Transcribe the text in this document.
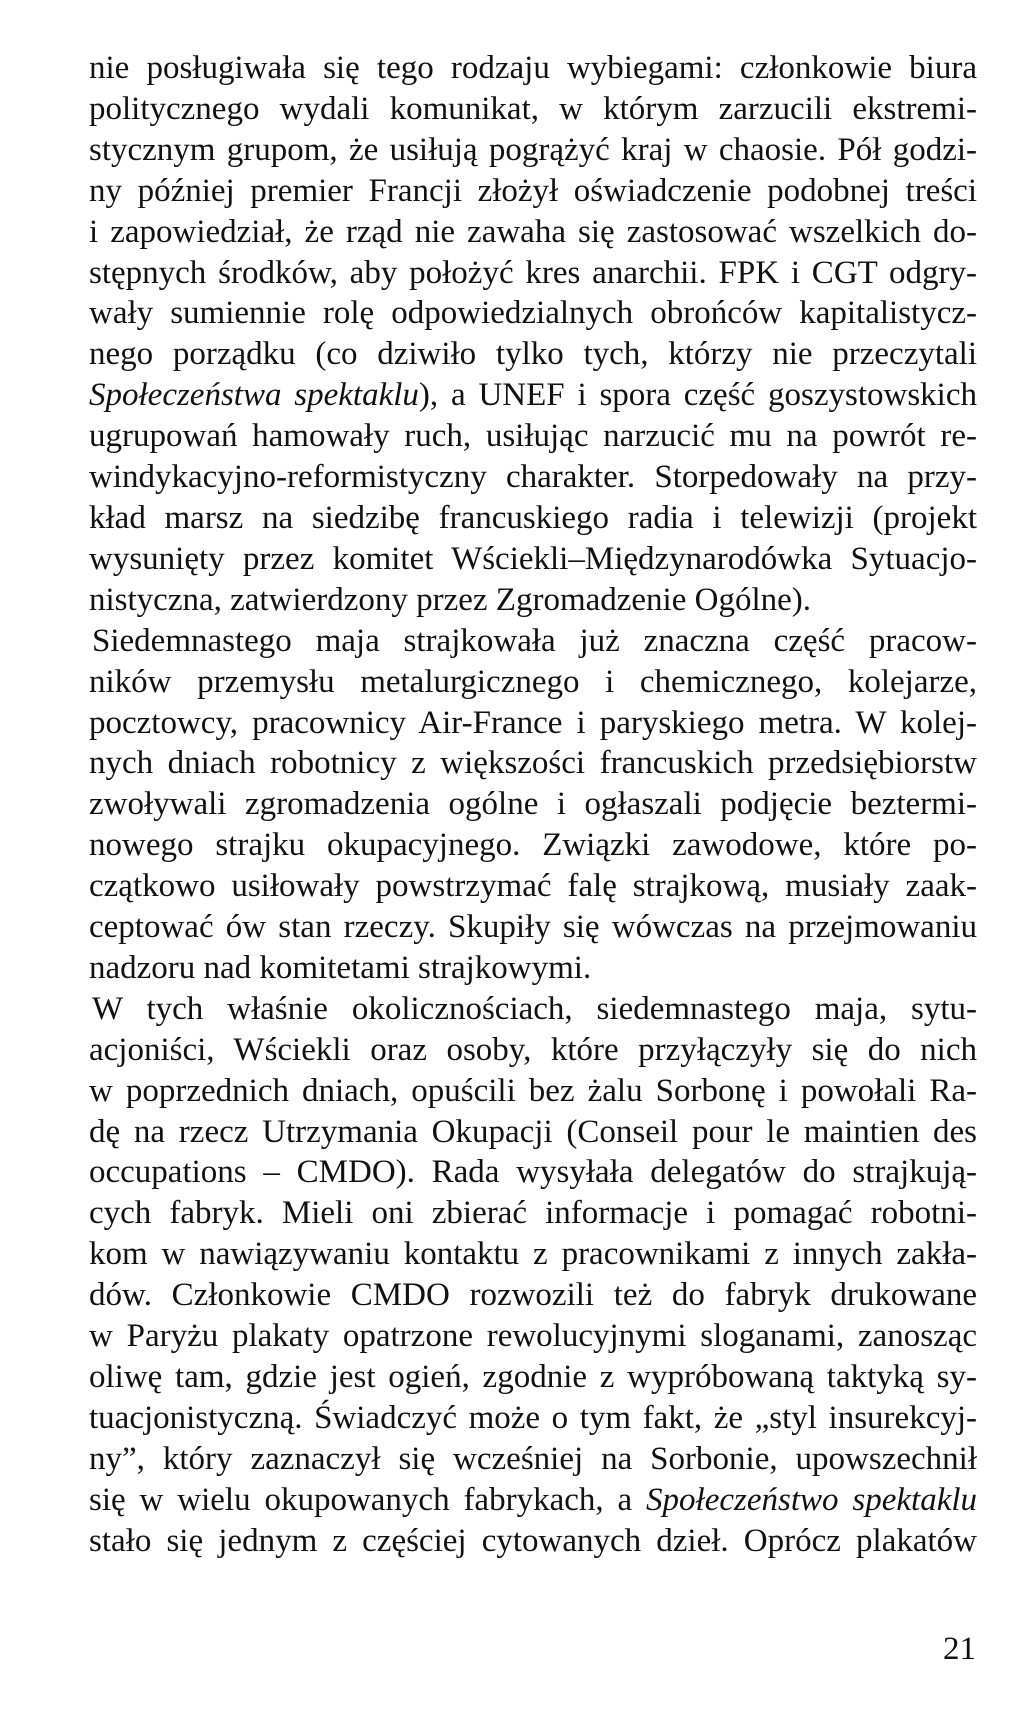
nie posługiwała się tego rodzaju wybiegami: członkowie biura
politycznego wydali komunikat, w którym zarzucili ekstremi-
stycznym grupom, że usiłują pogrążyć kraj w chaosie. Pół godzi-
ny później premier Francji złożył oświadczenie podobnej treści
i zapowiedział, że rząd nie zawaha się zastosować wszelkich do-
stępnych środków, aby położyć kres anarchii. FPK i CGT odgry-
wały sumiennie rolę odpowiedzialnych obrońców kapitalistycz-
nego porządku (co dziwiło tylko tych, którzy nie przeczytali
Społeczeństwa spektaklu), a UNEF i spora część goszystowskich
ugrupowań hamowały ruch, usiłując narzucić mu na powrót re-
windykacyjno-reformistyczny charakter. Storpedowały na przy-
kład marsz na siedzibę francuskiego radia i telewizji (projekt
wysunięty przez komitet Wściekli–Międzynarodówka Sytuacjo-
nistyczna, zatwierdzony przez Zgromadzenie Ogólne).
Siedemnastego maja strajkowała już znaczna część pracow-
ników przemysłu metalurgicznego i chemicznego, kolejarze,
pocztowcy, pracownicy Air-France i paryskiego metra. W kolej-
nych dniach robotnicy z większości francuskich przedsiębiorstw
zwoływali zgromadzenia ogólne i ogłaszali podjęcie beztermi-
nowego strajku okupacyjnego. Związki zawodowe, które po-
czątkowo usiłowały powstrzymać falę strajkową, musiały zaak-
ceptować ów stan rzeczy. Skupiły się wówczas na przejmowaniu
nadzoru nad komitetami strajkowymi.
W tych właśnie okolicznościach, siedemnastego maja, sytu-
acjoniści, Wściekli oraz osoby, które przyłączyły się do nich
w poprzednich dniach, opuścili bez żalu Sorbonę i powołali Ra-
dę na rzecz Utrzymania Okupacji (Conseil pour le maintien des
occupations – CMDO). Rada wysyłała delegatów do strajkują-
cych fabryk. Mieli oni zbierać informacje i pomagać robotni-
kom w nawiązywaniu kontaktu z pracownikami z innych zakła-
dów. Członkowie CMDO rozwozili też do fabryk drukowane
w Paryżu plakaty opatrzone rewolucyjnymi sloganami, zanosząc
oliwę tam, gdzie jest ogień, zgodnie z wypróbowaną taktyką sy-
tuacjonistyczną. Świadczyć może o tym fakt, że „styl insurekcyj-
ny”, który zaznaczył się wcześniej na Sorbonie, upowszechnił
się w wielu okupowanych fabrykach, a Społeczeństwo spektaklu
stało się jednym z częściej cytowanych dzieł. Oprócz plakatów
21
